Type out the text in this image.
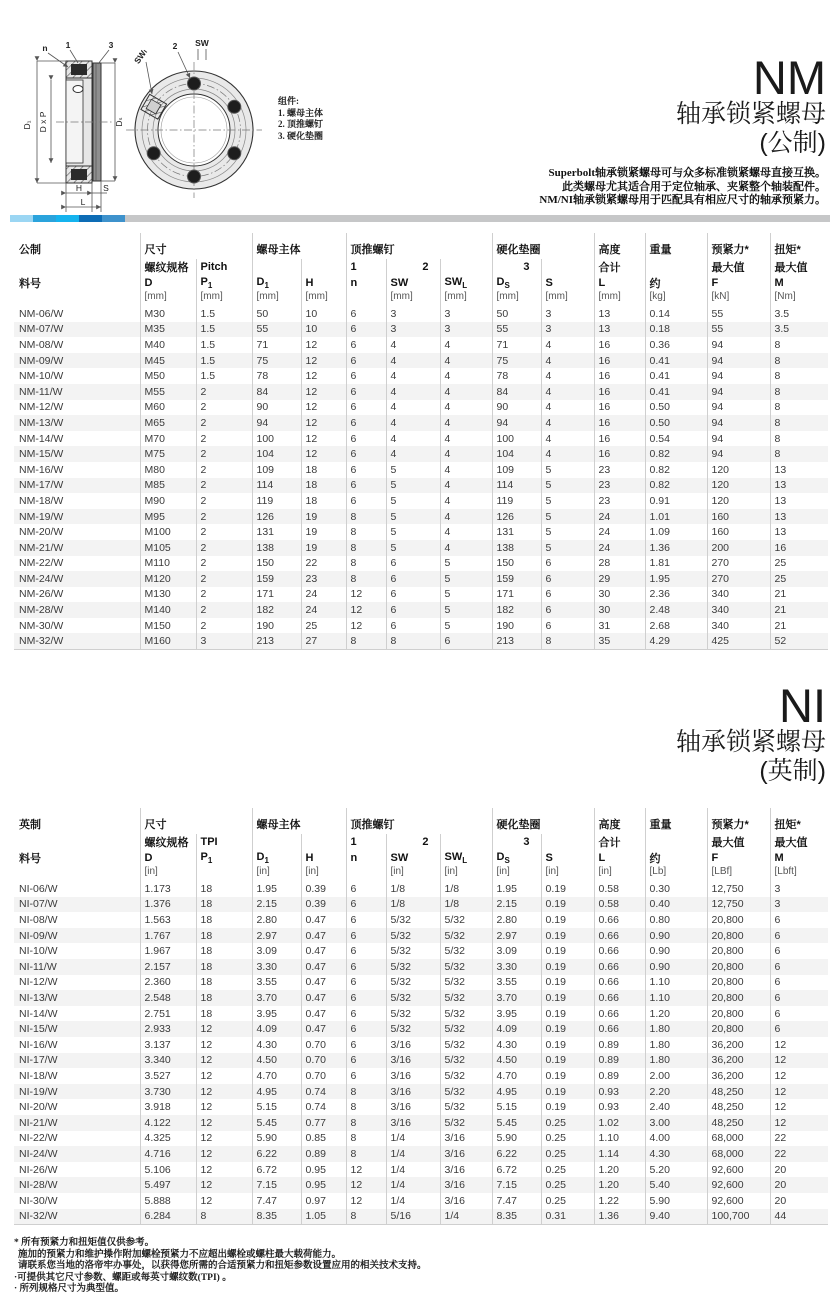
D₁ D x P	Dₛ
H S
L
n 1	3
SWₗ
2 SW
组件:
1. 螺母主体
2. 顶推螺钉
3. 硬化垫圈
NM
轴承锁紧螺母
(公制)
Superbolt轴承锁紧螺母可与众多标准锁紧螺母直接互换。
此类螺母尤其适合用于定位轴承、夹紧整个轴装配件。
NM/NI轴承锁紧螺母用于匹配具有相应尺寸的轴承预紧力。
公制	尺寸		螺母主体		顶推螺钉			硬化垫圈		高度	重量	预紧力*	扭矩*
	螺纹规格	Pitch			1	2		3		合计		最大值	最大值
料号	D	$P_1$	$D_1$	H	n	SW	$SW_L$	$D_S$	S	L	约	F	M
	[mm]	[mm]	[mm]	[mm]		[mm]	[mm]	[mm]	[mm]	[mm]	[kg]	[kN]	[Nm]
NM-06/W	M30	1.5	50	10	6	3	3	50	3	13	0.14	55	3.5
NM-07/W	M35	1.5	55	10	6	3	3	55	3	13	0.18	55	3.5
NM-08/W	M40	1.5	71	12	6	4	4	71	4	16	0.36	94	8
NM-09/W	M45	1.5	75	12	6	4	4	75	4	16	0.41	94	8
NM-10/W	M50	1.5	78	12	6	4	4	78	4	16	0.41	94	8
NM-11/W	M55	2	84	12	6	4	4	84	4	16	0.41	94	8
NM-12/W	M60	2	90	12	6	4	4	90	4	16	0.50	94	8
NM-13/W	M65	2	94	12	6	4	4	94	4	16	0.50	94	8
NM-14/W	M70	2	100	12	6	4	4	100	4	16	0.54	94	8
NM-15/W	M75	2	104	12	6	4	4	104	4	16	0.82	94	8
NM-16/W	M80	2	109	18	6	5	4	109	5	23	0.82	120	13
NM-17/W	M85	2	114	18	6	5	4	114	5	23	0.82	120	13
NM-18/W	M90	2	119	18	6	5	4	119	5	23	0.91	120	13
NM-19/W	M95	2	126	19	8	5	4	126	5	24	1.01	160	13
NM-20/W	M100	2	131	19	8	5	4	131	5	24	1.09	160	13
NM-21/W	M105	2	138	19	8	5	4	138	5	24	1.36	200	16
NM-22/W	M110	2	150	22	8	6	5	150	6	28	1.81	270	25
NM-24/W	M120	2	159	23	8	6	5	159	6	29	1.95	270	25
NM-26/W	M130	2	171	24	12	6	5	171	6	30	2.36	340	21
NM-28/W	M140	2	182	24	12	6	5	182	6	30	2.48	340	21
NM-30/W	M150	2	190	25	12	6	5	190	6	31	2.68	340	21
NM-32/W	M160	3	213	27	8	8	6	213	8	35	4.29	425	52
NI
轴承锁紧螺母
(英制)
英制	尺寸		螺母主体		顶推螺钉			硬化垫圈		高度	重量	预紧力*	扭矩*
	螺纹规格	TPI			1	2		3		合计		最大值	最大值
料号	D	$P_1$	$D_1$	H	n	SW	$SW_L$	$D_S$	S	L	约	F	M
	[in]		[in]	[in]		[in]	[in]	[in]	[in]	[in]	[Lb]	[LBf]	[Lbft]
NI-06/W	1.173	18	1.95	0.39	6	1/8	1/8	1.95	0.19	0.58	0.30	12,750	3
NI-07/W	1.376	18	2.15	0.39	6	1/8	1/8	2.15	0.19	0.58	0.40	12,750	3
NI-08/W	1.563	18	2.80	0.47	6	5/32	5/32	2.80	0.19	0.66	0.80	20,800	6
NI-09/W	1.767	18	2.97	0.47	6	5/32	5/32	2.97	0.19	0.66	0.90	20,800	6
NI-10/W	1.967	18	3.09	0.47	6	5/32	5/32	3.09	0.19	0.66	0.90	20,800	6
NI-11/W	2.157	18	3.30	0.47	6	5/32	5/32	3.30	0.19	0.66	0.90	20,800	6
NI-12/W	2.360	18	3.55	0.47	6	5/32	5/32	3.55	0.19	0.66	1.10	20,800	6
NI-13/W	2.548	18	3.70	0.47	6	5/32	5/32	3.70	0.19	0.66	1.10	20,800	6
NI-14/W	2.751	18	3.95	0.47	6	5/32	5/32	3.95	0.19	0.66	1.20	20,800	6
NI-15/W	2.933	12	4.09	0.47	6	5/32	5/32	4.09	0.19	0.66	1.80	20,800	6
NI-16/W	3.137	12	4.30	0.70	6	3/16	5/32	4.30	0.19	0.89	1.80	36,200	12
NI-17/W	3.340	12	4.50	0.70	6	3/16	5/32	4.50	0.19	0.89	1.80	36,200	12
NI-18/W	3.527	12	4.70	0.70	6	3/16	5/32	4.70	0.19	0.89	2.00	36,200	12
NI-19/W	3.730	12	4.95	0.74	8	3/16	5/32	4.95	0.19	0.93	2.20	48,250	12
NI-20/W	3.918	12	5.15	0.74	8	3/16	5/32	5.15	0.19	0.93	2.40	48,250	12
NI-21/W	4.122	12	5.45	0.77	8	3/16	5/32	5.45	0.25	1.02	3.00	48,250	12
NI-22/W	4.325	12	5.90	0.85	8	1/4	3/16	5.90	0.25	1.10	4.00	68,000	22
NI-24/W	4.716	12	6.22	0.89	8	1/4	3/16	6.22	0.25	1.14	4.30	68,000	22
NI-26/W	5.106	12	6.72	0.95	12	1/4	3/16	6.72	0.25	1.20	5.20	92,600	20
NI-28/W	5.497	12	7.15	0.95	12	1/4	3/16	7.15	0.25	1.20	5.40	92,600	20
NI-30/W	5.888	12	7.47	0.97	12	1/4	3/16	7.47	0.25	1.22	5.90	92,600	20
NI-32/W	6.284	8	8.35	1.05	8	5/16	1/4	8.35	0.31	1.36	9.40	100,700	44
* 所有预紧力和扭矩值仅供参考。
施加的预紧力和维护操作附加螺栓预紧力不应超出螺栓或螺柱最大载荷能力。
请联系您当地的洛帝牢办事处，以获得您所需的合适预紧力和扭矩参数设置应用的相关技术支持。
·可提供其它尺寸参数、螺距或每英寸螺纹数(TPI) 。
· 所列规格尺寸为典型值。
